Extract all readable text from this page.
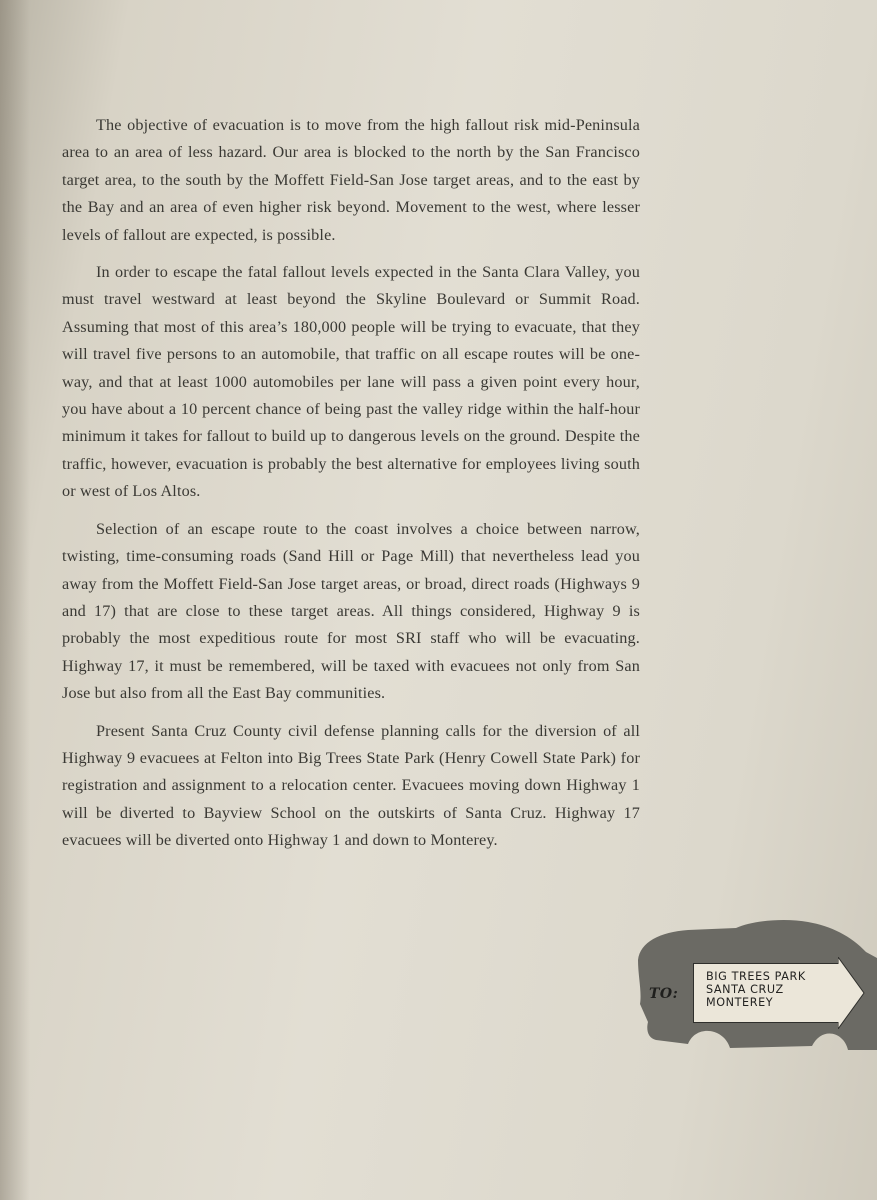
The objective of evacuation is to move from the high fallout risk mid-Peninsula area to an area of less hazard. Our area is blocked to the north by the San Francisco target area, to the south by the Moffett Field-San Jose target areas, and to the east by the Bay and an area of even higher risk beyond. Movement to the west, where lesser levels of fallout are expected, is possible.

In order to escape the fatal fallout levels expected in the Santa Clara Valley, you must travel westward at least beyond the Skyline Boulevard or Summit Road. Assuming that most of this area’s 180,000 people will be trying to evacuate, that they will travel five persons to an automobile, that traffic on all escape routes will be one-way, and that at least 1000 automobiles per lane will pass a given point every hour, you have about a 10 percent chance of being past the valley ridge within the half-hour minimum it takes for fallout to build up to dangerous levels on the ground. Despite the traffic, however, evacuation is probably the best alternative for employees living south or west of Los Altos.

Selection of an escape route to the coast involves a choice between narrow, twisting, time-consuming roads (Sand Hill or Page Mill) that nevertheless lead you away from the Moffett Field-San Jose target areas, or broad, direct roads (Highways 9 and 17) that are close to these target areas. All things considered, Highway 9 is probably the most expeditious route for most SRI staff who will be evacuating. Highway 17, it must be remembered, will be taxed with evacuees not only from San Jose but also from all the East Bay communities.

Present Santa Cruz County civil defense planning calls for the diversion of all Highway 9 evacuees at Felton into Big Trees State Park (Henry Cowell State Park) for registration and assignment to a relocation center. Evacuees moving down Highway 1 will be diverted to Bayview School on the outskirts of Santa Cruz. Highway 17 evacuees will be diverted onto Highway 1 and down to Monterey.

TO:
BIG TREES PARK
SANTA CRUZ
MONTEREY
